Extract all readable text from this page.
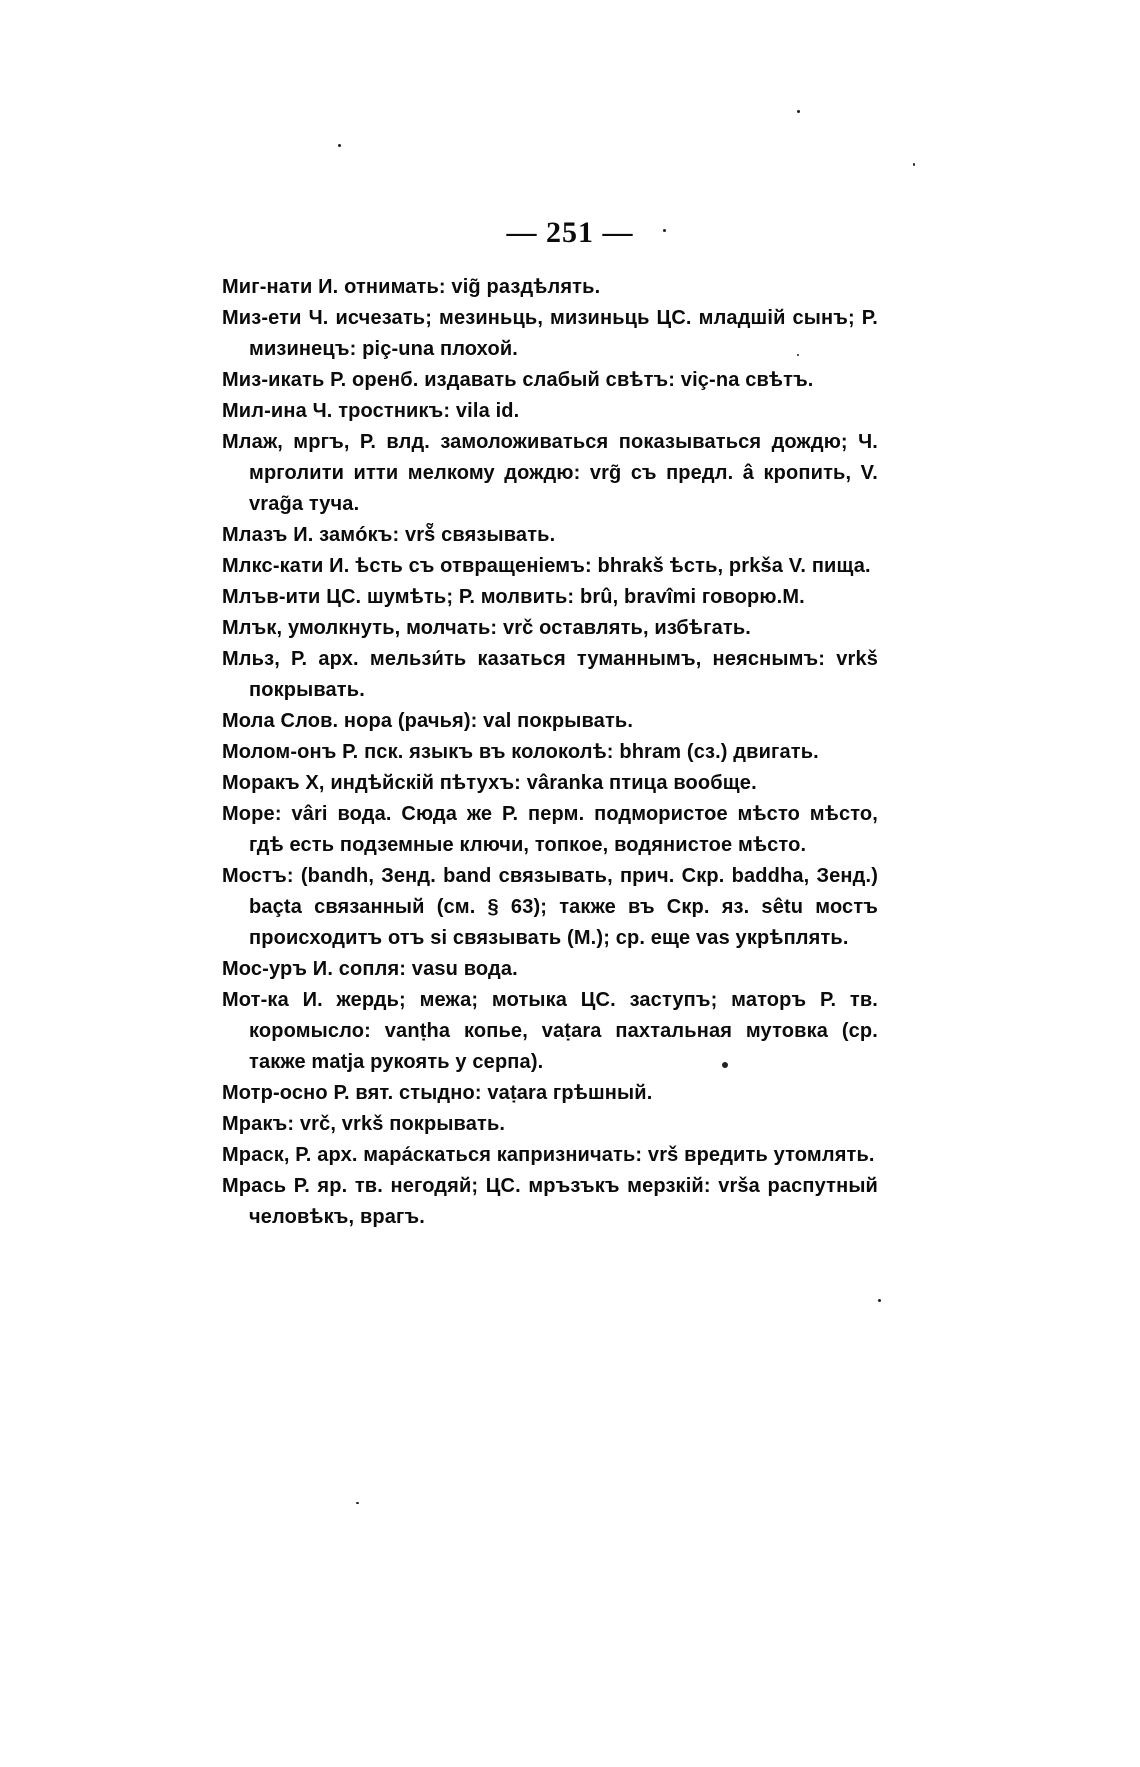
— 251 —

Миг-нати И. отнимать: vig̃ раздѣлять.

Миз-ети Ч. исчезать; мезиньць, мизиньць ЦС. младшій сынъ; Р. мизинецъ: piç-una плохой.

Миз-икать Р. оренб. издавать слабый свѣтъ: viç-na свѣтъ.

Мил-ина Ч. тростникъ: vila id.

Млаж, мргъ, Р. влд. замоложиваться показываться дождю; Ч. мрголити итти мелкому дождю: vrg̃ съ предл. â кропить, V. vrag̃a туча.

Млазъ И. замóкъ: vrš̃ связывать.

Млкс-кати И. ѣсть съ отвращеніемъ: bhrakš ѣсть, prkša V. пища.

Млъв-ити ЦС. шумѣть; Р. молвить: brû, bravîmi говорю.М.

Млък, умолкнуть, молчать: vrč оставлять, избѣгать.

Мльз, Р. арх. мельзи́ть казаться туманнымъ, неяснымъ: vrkš покрывать.

Мола Слов. нора (рачья): val покрывать.

Молом-онъ Р. пск. языкъ въ колоколѣ: bhram (сз.) двигать.

Моракъ Х, индѣйскій пѣтухъ: vâranka птица вообще.

Море: vâri вода. Сюда же Р. перм. подмористое мѣсто мѣсто, гдѣ есть подземные ключи, топкое, водянистое мѣсто.

Мостъ: (bandh, Зенд. band связывать, прич. Скр. baddha, Зенд.) baçta связанный (см. § 63); также въ Скр. яз. sêtu мостъ происходитъ отъ si связывать (M.); ср. еще vas укрѣплять.

Мос-уръ И. сопля: vasu вода.

Мот-ка И. жердь; межа; мотыка ЦС. заступъ; маторъ Р. тв. коромысло: vanṭha копье, vaṭara пахтальная мутовка (ср. также matja рукоять у серпа).

Мотр-осно Р. вят. стыдно: vaṭara грѣшный.

Мракъ: vrč, vrkš покрывать.

Мраск, Р. арх. мара́скаться капризничать: vrš вредить утомлять.

Мрась Р. яр. тв. негодяй; ЦС. мръзъкъ мерзкій: vrša распутный человѣкъ, врагъ.
